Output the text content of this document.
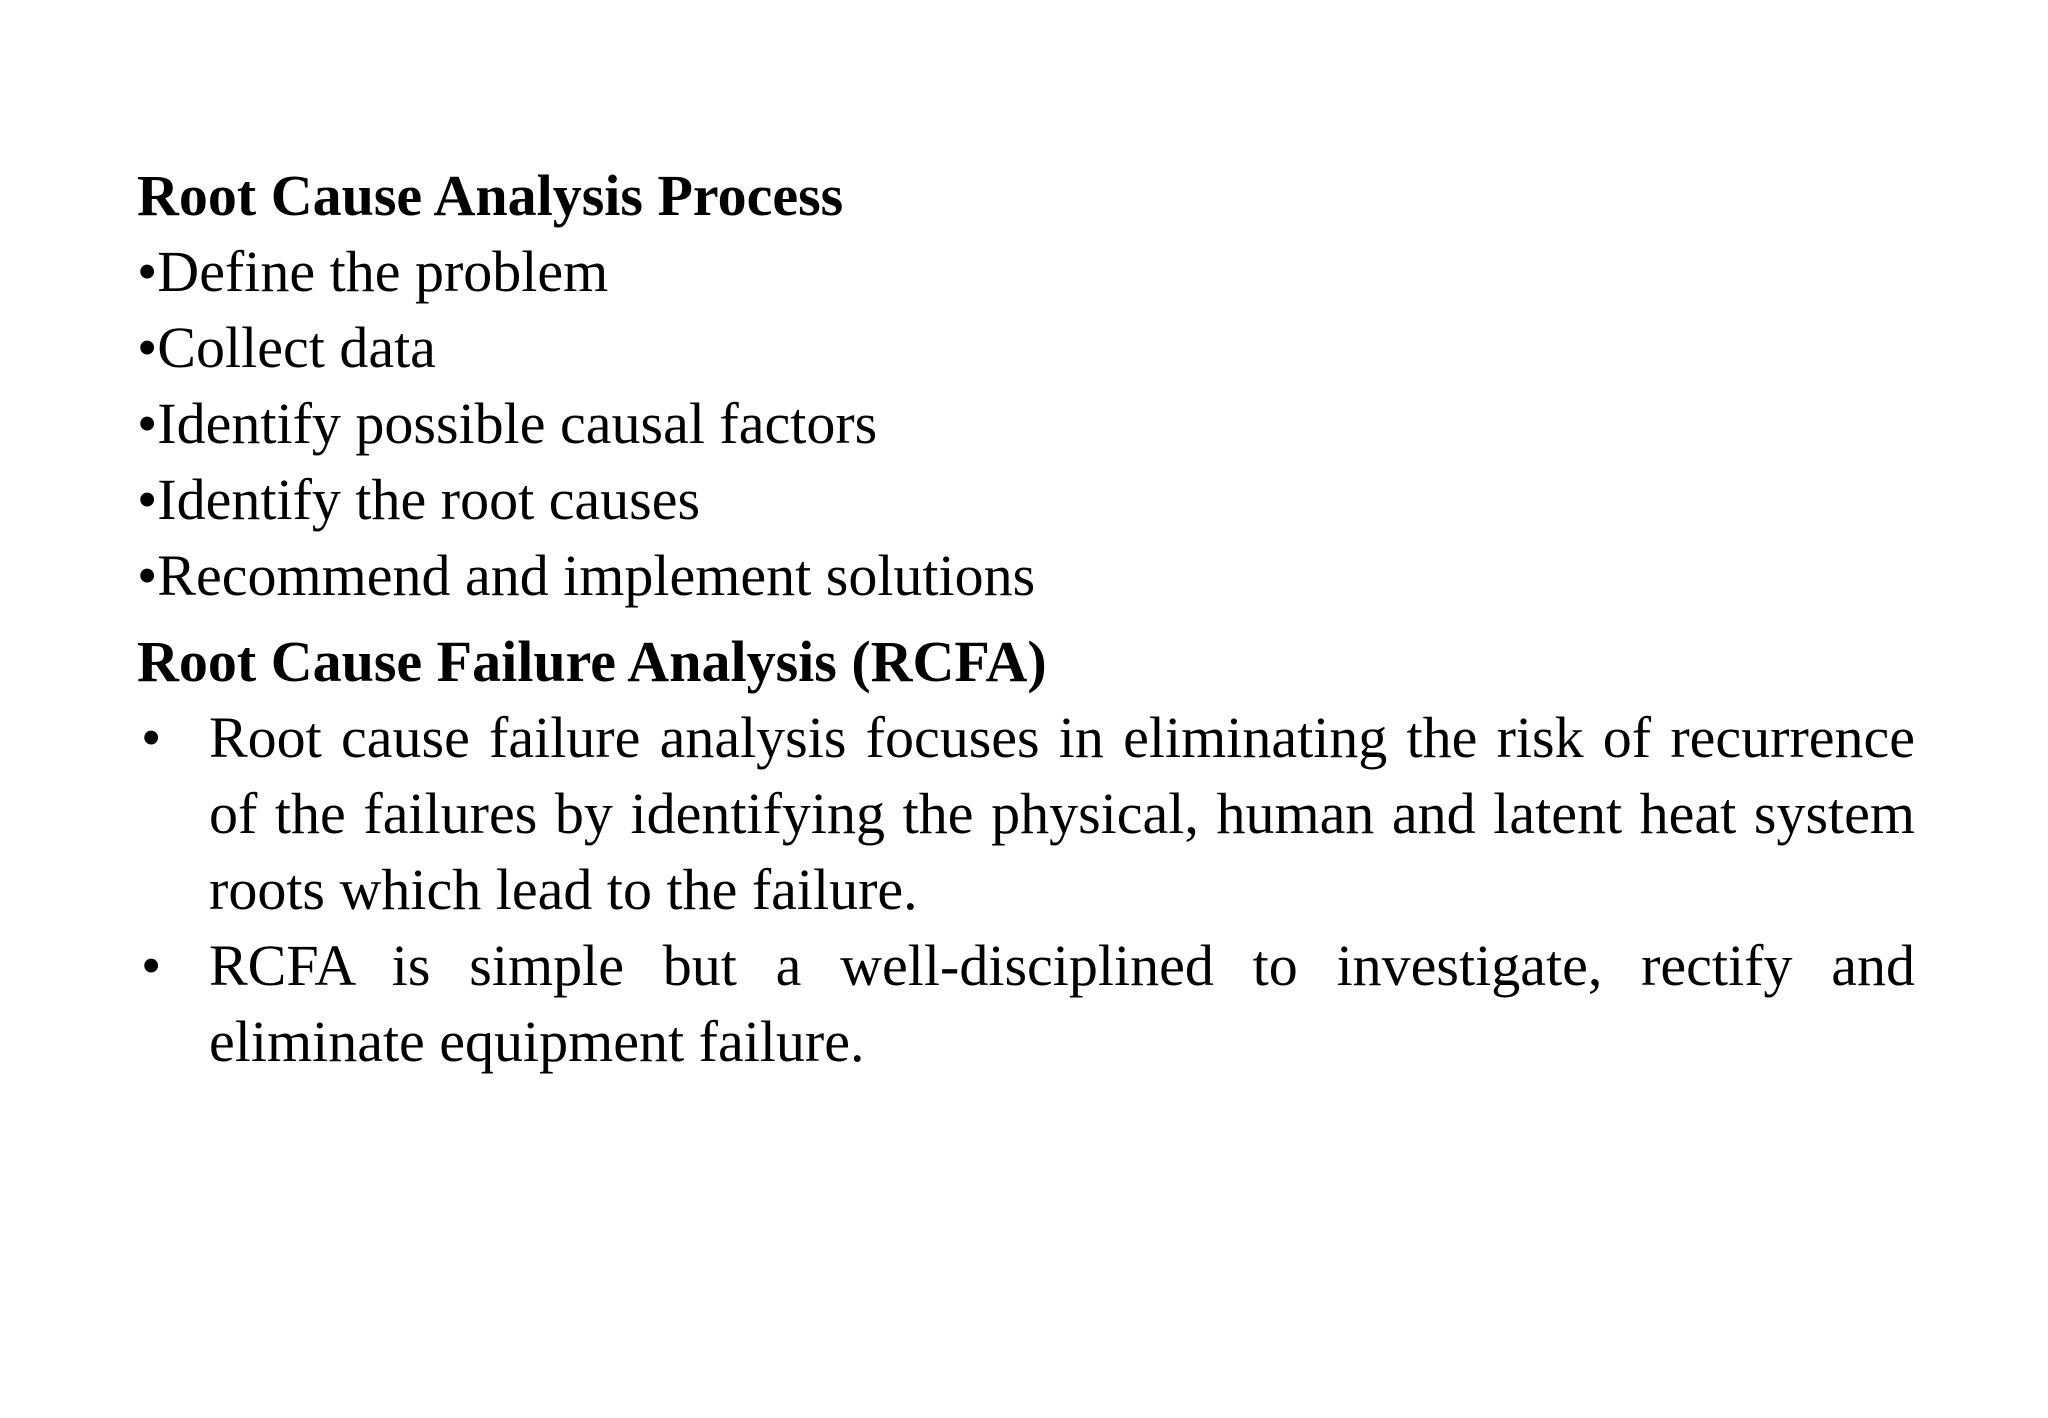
Root Cause Analysis Process
•Define the problem
•Collect data
•Identify possible causal factors
•Identify the root causes
•Recommend and implement solutions
Root Cause Failure Analysis (RCFA)
• Root cause failure analysis focuses in eliminating the risk of recurrence of the failures by identifying the physical, human and latent heat system roots which lead to the failure.
• RCFA is simple but a well-disciplined to investigate, rectify and eliminate equipment failure.
